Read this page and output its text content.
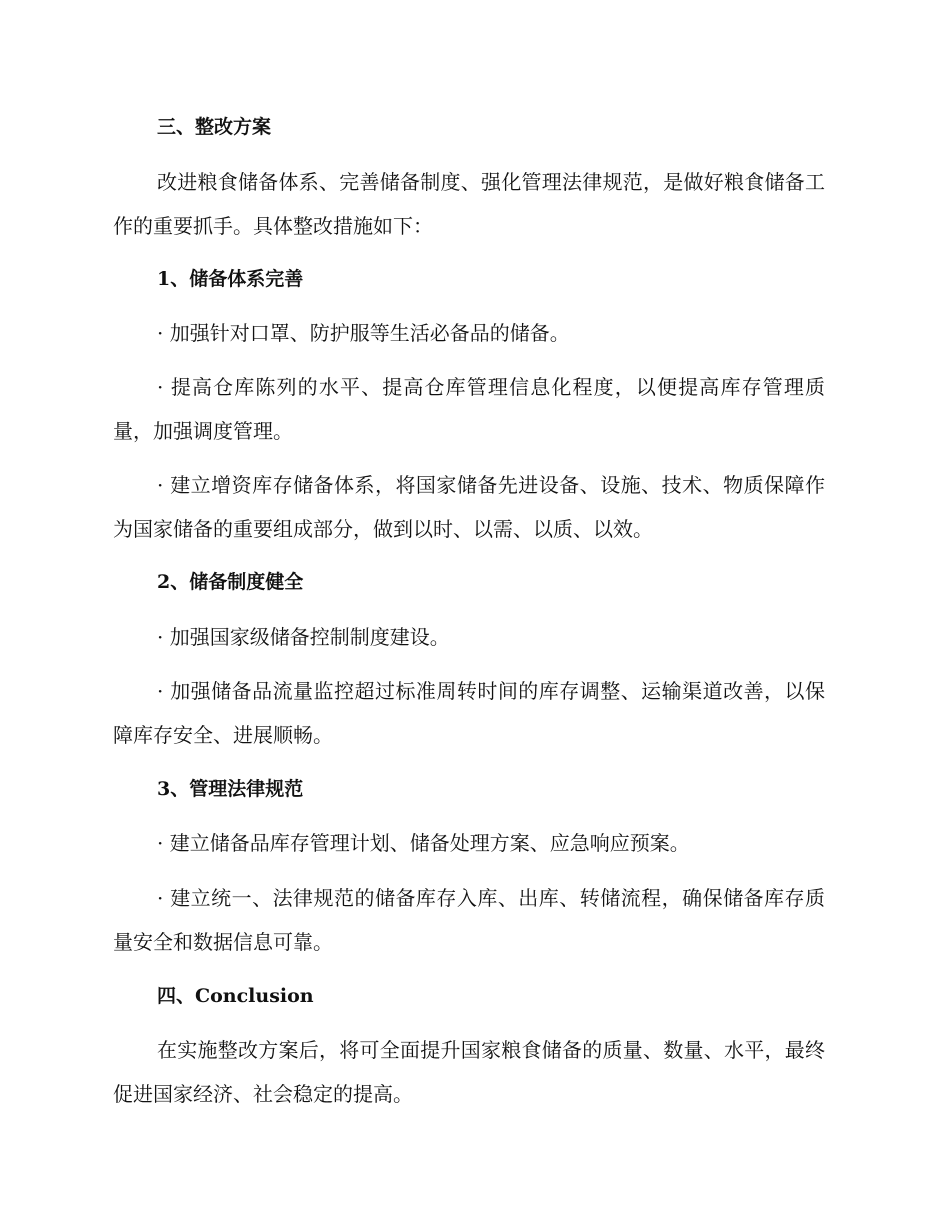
三、整改方案
改进粮食储备体系、完善储备制度、强化管理法律规范，是做好粮食储备工作的重要抓手。具体整改措施如下：
1、储备体系完善
· 加强针对口罩、防护服等生活必备品的储备。
· 提高仓库陈列的水平、提高仓库管理信息化程度，以便提高库存管理质量，加强调度管理。
· 建立增资库存储备体系，将国家储备先进设备、设施、技术、物质保障作为国家储备的重要组成部分，做到以时、以需、以质、以效。
2、储备制度健全
· 加强国家级储备控制制度建设。
· 加强储备品流量监控超过标准周转时间的库存调整、运输渠道改善，以保障库存安全、进展顺畅。
3、管理法律规范
· 建立储备品库存管理计划、储备处理方案、应急响应预案。
· 建立统一、法律规范的储备库存入库、出库、转储流程，确保储备库存质量安全和数据信息可靠。
四、Conclusion
在实施整改方案后，将可全面提升国家粮食储备的质量、数量、水平，最终促进国家经济、社会稳定的提高。
